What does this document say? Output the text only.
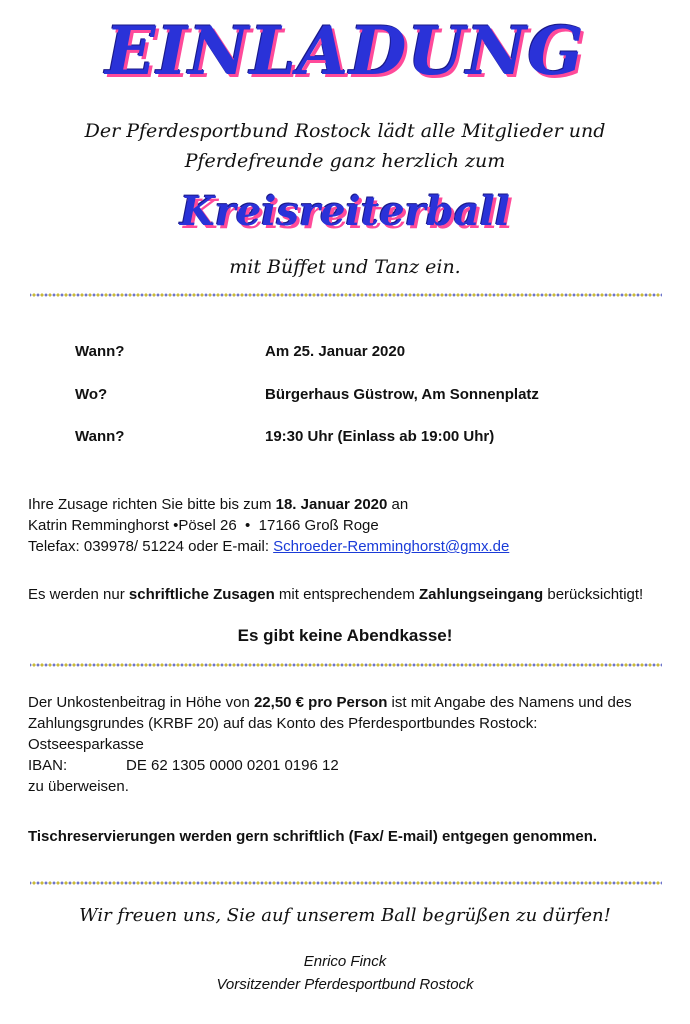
EINLADUNG
Der Pferdesportbund Rostock lädt alle Mitglieder und
Pferdefreunde ganz herzlich zum
Kreisreiterball
mit Büffet und Tanz ein.
Wann?	Am 25. Januar 2020
Wo?	Bürgerhaus Güstrow, Am Sonnenplatz
Wann?	19:30 Uhr (Einlass ab 19:00 Uhr)
Ihre Zusage richten Sie bitte bis zum 18. Januar 2020 an
Katrin Remminghorst •Pösel 26 • 17166 Groß Roge
Telefax: 039978/ 51224 oder E-mail: Schroeder-Remminghorst@gmx.de
Es werden nur schriftliche Zusagen mit entsprechendem Zahlungseingang berücksichtigt!
Es gibt keine Abendkasse!
Der Unkostenbeitrag in Höhe von 22,50 € pro Person ist mit Angabe des Namens und des
Zahlungsgrundes (KRBF 20) auf das Konto des Pferdesportbundes Rostock:
Ostseesparkasse
IBAN:	DE 62 1305 0000 0201 0196 12
zu überweisen.
Tischreservierungen werden gern schriftlich (Fax/ E-mail) entgegen genommen.
Wir freuen uns, Sie auf unserem Ball begrüßen zu dürfen!
Enrico Finck
Vorsitzender Pferdesportbund Rostock
